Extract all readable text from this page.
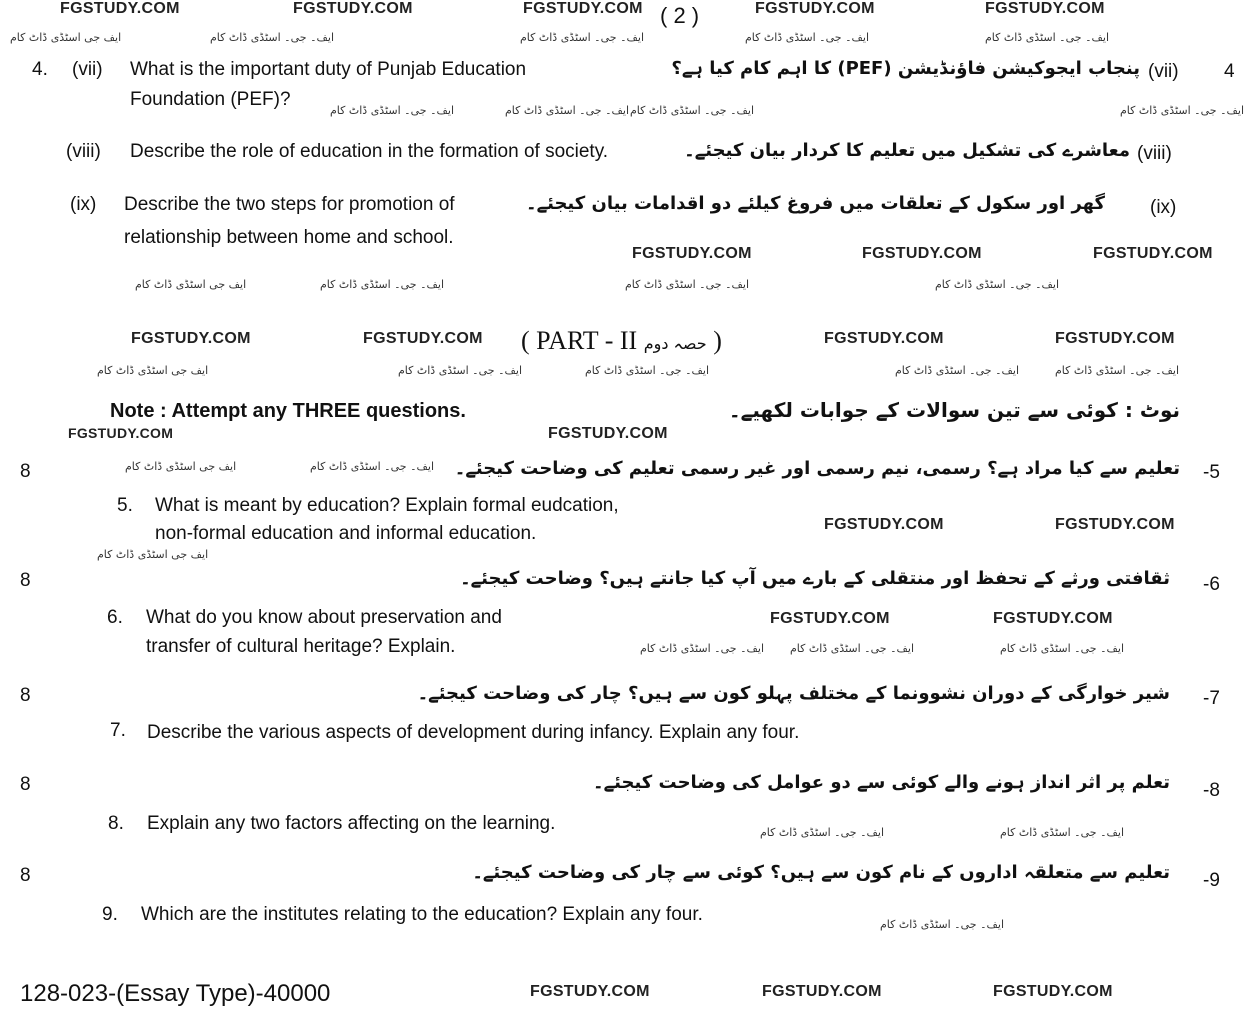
FGSTUDY.COM	FGSTUDY.COM	FGSTUDY.COM ( 2 )	FGSTUDY.COM	FGSTUDY.COM
ایف جی اسٹڈی ڈاٹ کام	ایف۔ جی۔ اسٹڈی ڈاٹ کام	ایف۔ جی۔ اسٹڈی ڈاٹ کام	ایف۔ جی۔ اسٹڈی ڈاٹ کام	ایف۔ جی۔ اسٹڈی ڈاٹ کام
4. (vii) What is the important duty of Punjab Education
Foundation (PEF)?
پنجاب ایجوکیشن فاؤنڈیشن (PEF) کا اہم کام کیا ہے؟ (vii) 4
ایف۔ جی۔ اسٹڈی ڈاٹ کام	ایف۔ جی۔ اسٹڈی ڈاٹ کام ایف۔ جی۔ اسٹڈی ڈاٹ کام	ایف۔ جی۔ اسٹڈی ڈاٹ کام
(viii) Describe the role of education in the formation of society.	معاشرے کی تشکیل میں تعلیم کا کردار بیان کیجئے۔ (viii)
(ix) Describe the two steps for promotion of
relationship between home and school.
گھر اور سکول کے تعلقات میں فروغ کیلئے دو اقدامات بیان کیجئے۔ (ix)
FGSTUDY.COM	FGSTUDY.COM	FGSTUDY.COM
ایف جی اسٹڈی ڈاٹ کام	ایف۔ جی۔ اسٹڈی ڈاٹ کام	ایف۔ جی۔ اسٹڈی ڈاٹ کام	ایف۔ جی۔ اسٹڈی ڈاٹ کام
FGSTUDY.COM	FGSTUDY.COM ( PART - II حصہ دوم )	FGSTUDY.COM	FGSTUDY.COM
ایف جی اسٹڈی ڈاٹ کام	ایف۔ جی۔ اسٹڈی ڈاٹ کام	ایف۔ جی۔ اسٹڈی ڈاٹ کام	ایف۔ جی۔ اسٹڈی ڈاٹ کام	ایف۔ جی۔ اسٹڈی ڈاٹ کام
Note : Attempt any THREE questions.	نوٹ : کوئی سے تین سوالات کے جوابات لکھیے۔
FGSTUDY.COM	FGSTUDY.COM
8	ایف جی اسٹڈی ڈاٹ کام	ایف۔ جی۔ اسٹڈی ڈاٹ کام تعلیم سے کیا مراد ہے؟ رسمی، نیم رسمی اور غیر رسمی تعلیم کی وضاحت کیجئے۔ -5
5. What is meant by education? Explain formal eudcation,
non-formal education and informal education.	FGSTUDY.COM	FGSTUDY.COM
ایف جی اسٹڈی ڈاٹ کام
8	ثقافتی ورثے کے تحفظ اور منتقلی کے بارے میں آپ کیا جانتے ہیں؟ وضاحت کیجئے۔ -6
6. What do you know about preservation and
transfer of cultural heritage? Explain.
FGSTUDY.COM	FGSTUDY.COM
ایف۔ جی۔ اسٹڈی ڈاٹ کام ایف۔ جی۔ اسٹڈی ڈاٹ کام	ایف۔ جی۔ اسٹڈی ڈاٹ کام
8	شیر خوارگی کے دوران نشوونما کے مختلف پہلو کون سے ہیں؟ چار کی وضاحت کیجئے۔ -7
7. Describe the various aspects of development during infancy. Explain any four.
8	تعلم پر اثر انداز ہونے والے کوئی سے دو عوامل کی وضاحت کیجئے۔ -8
8. Explain any two factors affecting on the learning.	ایف۔ جی۔ اسٹڈی ڈاٹ کام	ایف۔ جی۔ اسٹڈی ڈاٹ کام
8	تعلیم سے متعلقہ اداروں کے نام کون سے ہیں؟ کوئی سے چار کی وضاحت کیجئے۔ -9
9. Which are the institutes relating to the education? Explain any four.	ایف۔ جی۔ اسٹڈی ڈاٹ کام
128-023-(Essay Type)-40000	FGSTUDY.COM	FGSTUDY.COM	FGSTUDY.COM
